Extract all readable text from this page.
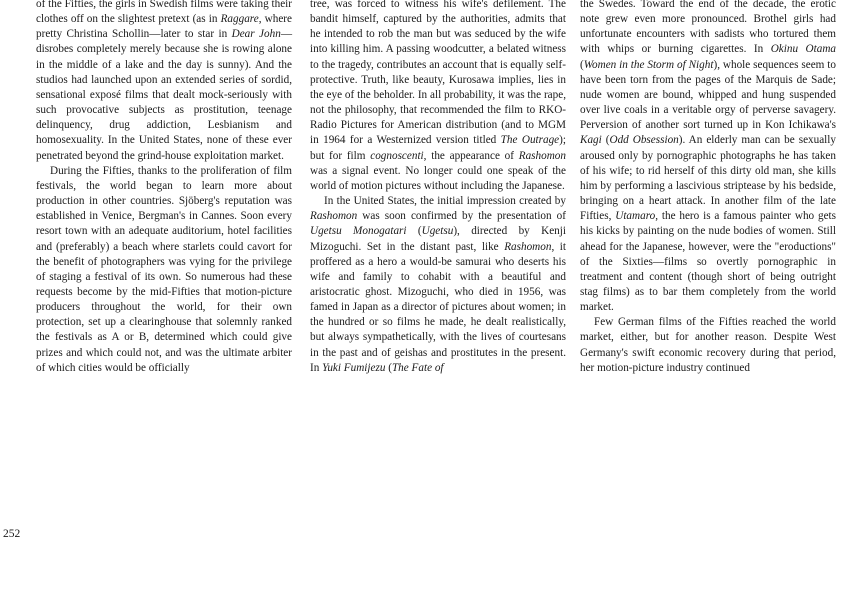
of the Fifties, the girls in Swedish films were taking their clothes off on the slightest pretext (as in Raggare, where pretty Christina Schollin—later to star in Dear John—disrobes completely merely because she is rowing alone in the middle of a lake and the day is sunny). And the studios had launched upon an extended series of sordid, sensational exposé films that dealt mock-seriously with such provocative subjects as prostitution, teenage delinquency, drug addiction, Lesbianism and homosexuality. In the United States, none of these ever penetrated beyond the grind-house exploitation market.

During the Fifties, thanks to the proliferation of film festivals, the world began to learn more about production in other countries. Sjöberg's reputation was established in Venice, Bergman's in Cannes. Soon every resort town with an adequate auditorium, hotel facilities and (preferably) a beach where starlets could cavort for the benefit of photographers was vying for the privilege of staging a festival of its own. So numerous had these requests become by the mid-Fifties that motion-picture producers throughout the world, for their own protection, set up a clearinghouse that solemnly ranked the festivals as A or B, determined which could give prizes and which could not, and was the ultimate arbiter of which cities would be officially

tree, was forced to witness his wife's defilement. The bandit himself, captured by the authorities, admits that he intended to rob the man but was seduced by the wife into killing him. A passing woodcutter, a belated witness to the tragedy, contributes an account that is equally self-protective. Truth, like beauty, Kurosawa implies, lies in the eye of the beholder. In all probability, it was the rape, not the philosophy, that recommended the film to RKO-Radio Pictures for American distribution (and to MGM in 1964 for a Westernized version titled The Outrage); but for film cognoscenti, the appearance of Rashomon was a signal event. No longer could one speak of the world of motion pictures without including the Japanese.

In the United States, the initial impression created by Rashomon was soon confirmed by the presentation of Ugetsu Monogatari (Ugetsu), directed by Kenji Mizoguchi. Set in the distant past, like Rashomon, it proffered as a hero a would-be samurai who deserts his wife and family to cohabit with a beautiful and aristocratic ghost. Mizoguchi, who died in 1956, was famed in Japan as a director of pictures about women; in the hundred or so films he made, he dealt realistically, but always sympathetically, with the lives of courtesans in the past and of geishas and prostitutes in the present. In Yuki Fumijezu (The Fate of

the Swedes. Toward the end of the decade, the erotic note grew even more pronounced. Brothel girls had unfortunate encounters with sadists who tortured them with whips or burning cigarettes. In Okinu Otama (Women in the Storm of Night), whole sequences seem to have been torn from the pages of the Marquis de Sade; nude women are bound, whipped and hung suspended over live coals in a veritable orgy of perverse savagery. Perversion of another sort turned up in Kon Ichikawa's Kagi (Odd Obsession). An elderly man can be sexually aroused only by pornographic photographs he has taken of his wife; to rid herself of this dirty old man, she kills him by performing a lascivious striptease by his bedside, bringing on a heart attack. In another film of the late Fifties, Utamaro, the hero is a famous painter who gets his kicks by painting on the nude bodies of women. Still ahead for the Japanese, however, were the "eroductions" of the Sixties—films so overtly pornographic in treatment and content (though short of being outright stag films) as to bar them completely from the world market.

Few German films of the Fifties reached the world market, either, but for another reason. Despite West Germany's swift economic recovery during that period, her motion-picture industry continued

252
